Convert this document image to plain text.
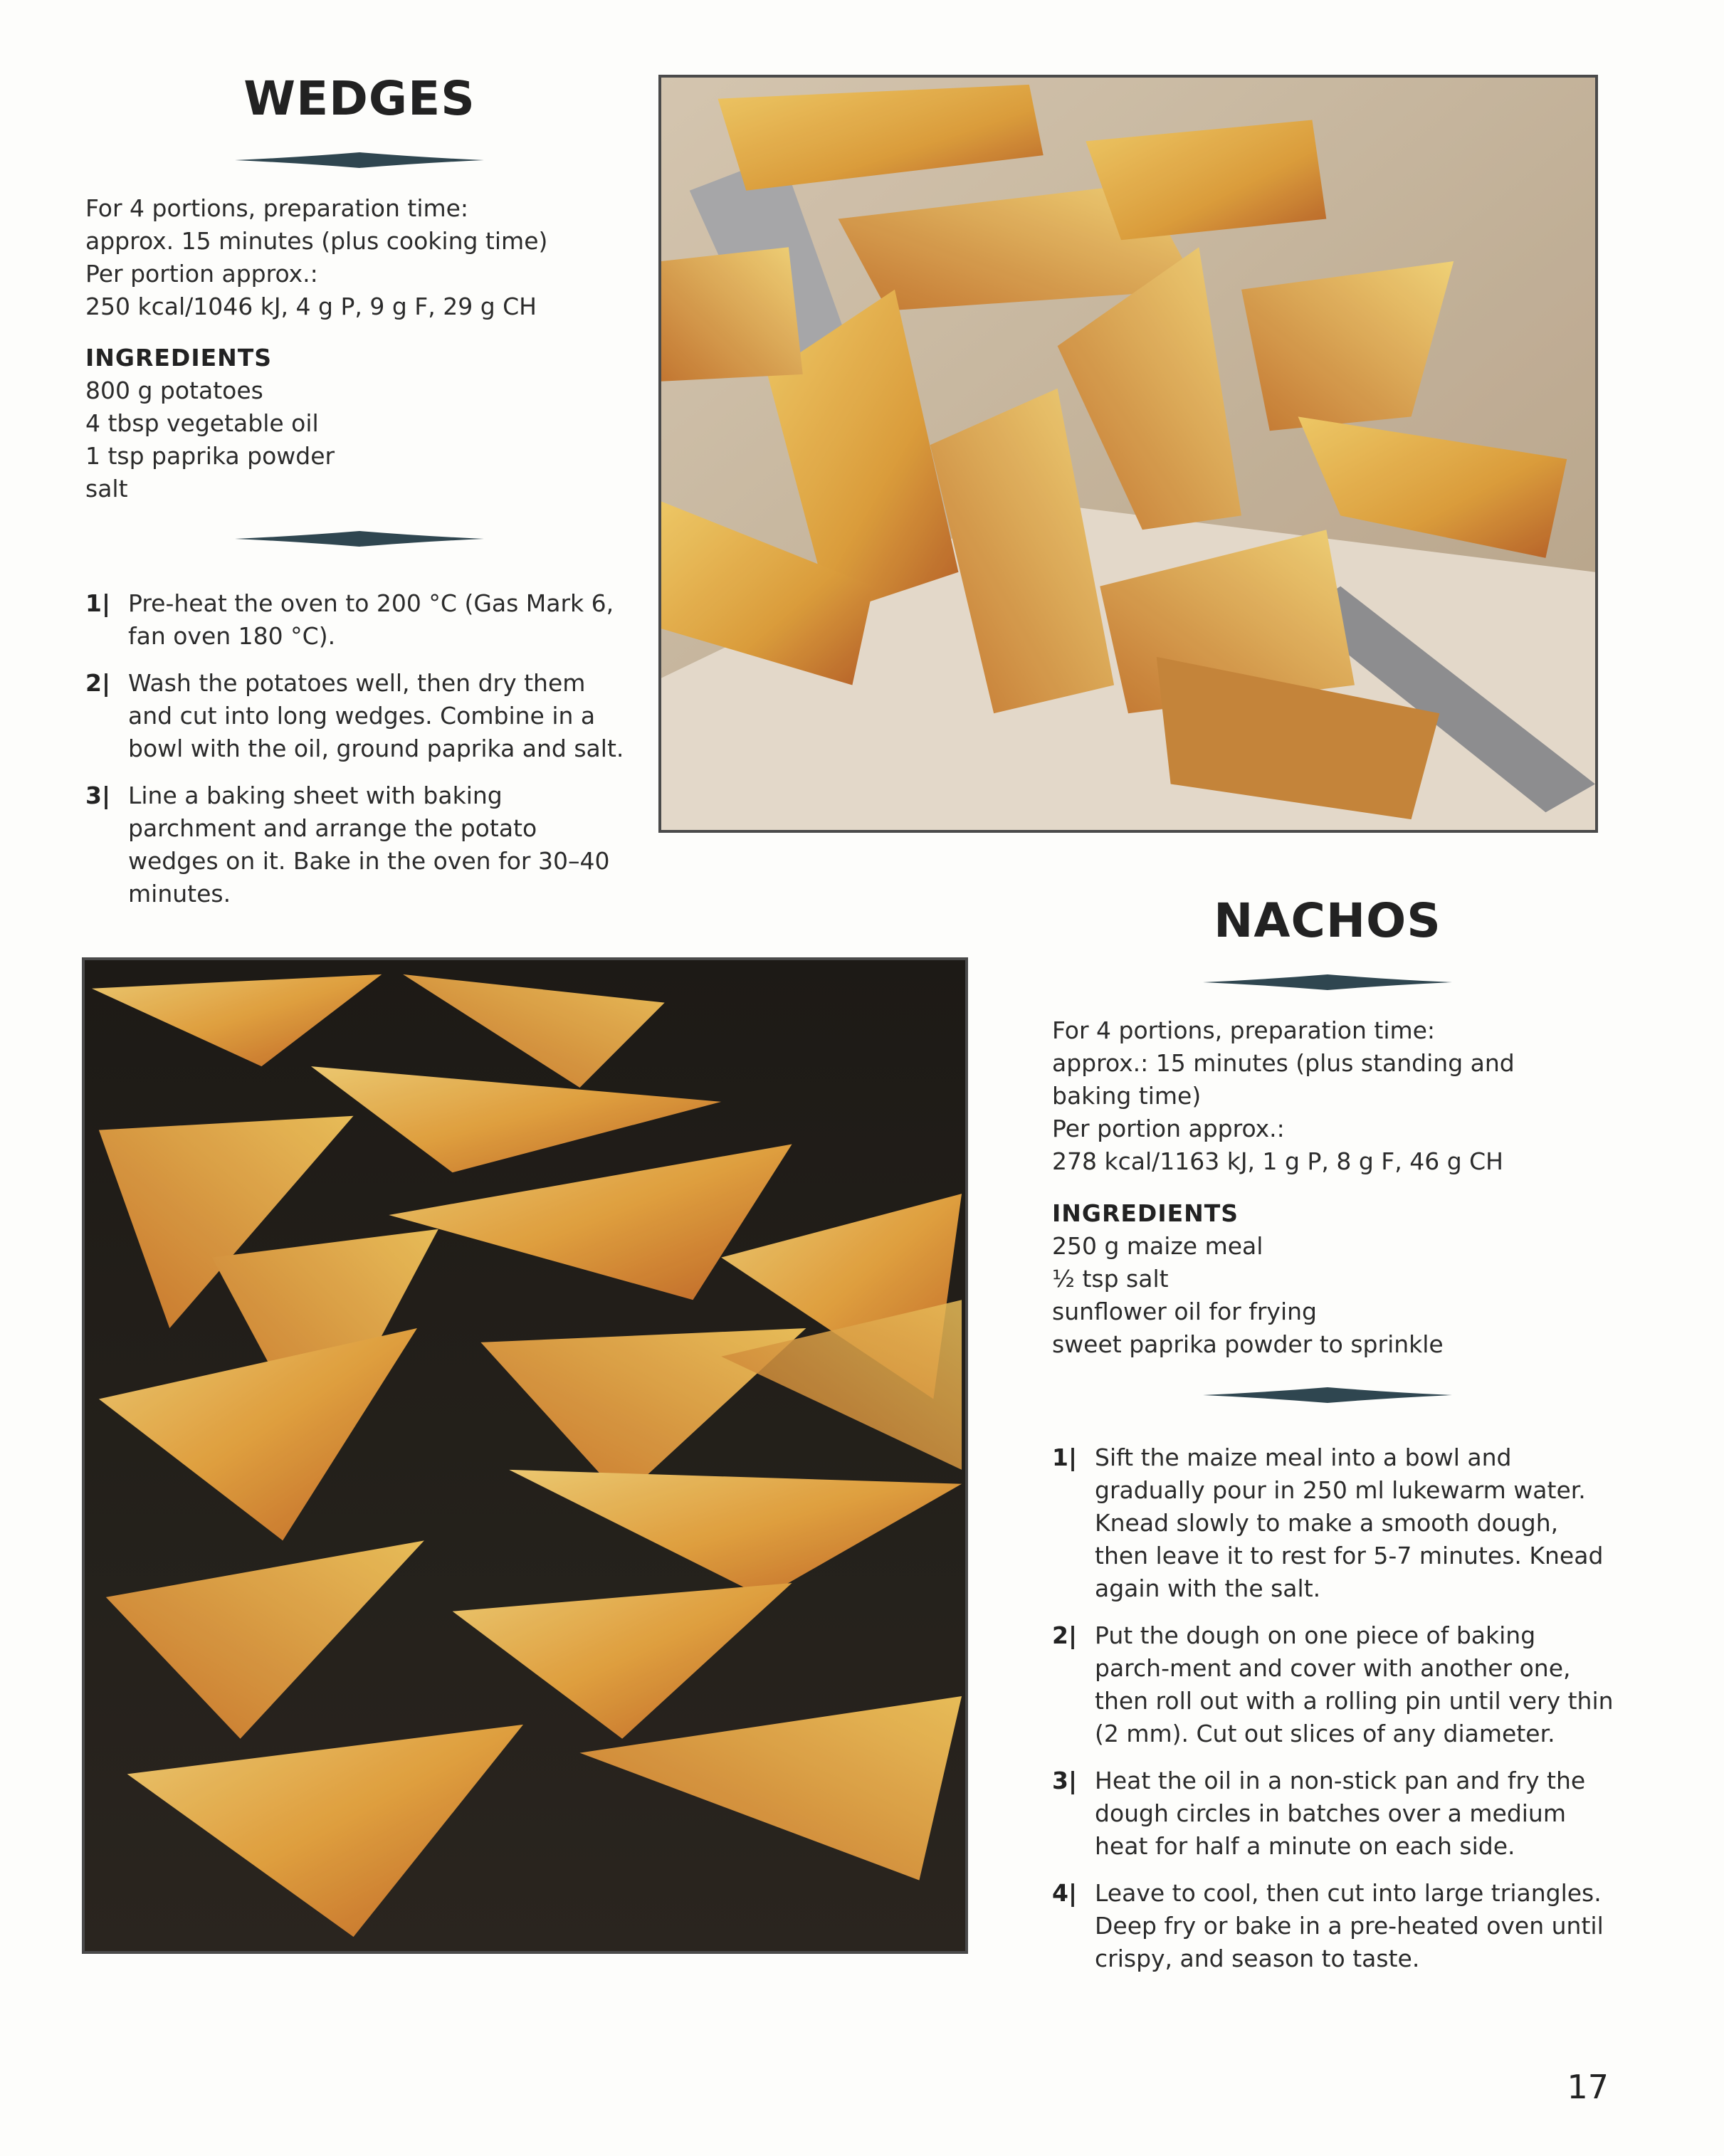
WEDGES

For 4 portions, preparation time:

approx. 15 minutes (plus cooking time)

Per portion approx.:

250 kcal/1046 kJ, 4 g P, 9 g F, 29 g CH

INGREDIENTS

800 g potatoes

4 tbsp vegetable oil

1 tsp paprika powder

salt

1| Pre-heat the oven to 200 °C (Gas Mark 6, fan oven 180 °C).
2| Wash the potatoes well, then dry them and cut into long wedges. Combine in a bowl with the oil, ground paprika and salt.
3| Line a baking sheet with baking parchment and arrange the potato wedges on it. Bake in the oven for 30–40 minutes.	NACHOS

For 4 portions, preparation time:

approx.: 15 minutes (plus standing and

baking time)

Per portion approx.:

278 kcal/1163 kJ, 1 g P, 8 g F, 46 g CH

INGREDIENTS

250 g maize meal

½ tsp salt

sunflower oil for frying

sweet paprika powder to sprinkle

1| Sift the maize meal into a bowl and gradually pour in 250 ml lukewarm water. Knead slowly to make a smooth dough, then leave it to rest for 5-7 minutes. Knead again with the salt.
2| Put the dough on one piece of baking parch-ment and cover with another one, then roll out with a rolling pin until very thin (2 mm). Cut out slices of any diameter.
3| Heat the oil in a non-stick pan and fry the dough circles in batches over a medium heat for half a minute on each side.
4| Leave to cool, then cut into large triangles. Deep fry or bake in a pre-heated oven until crispy, and season to taste.
17
